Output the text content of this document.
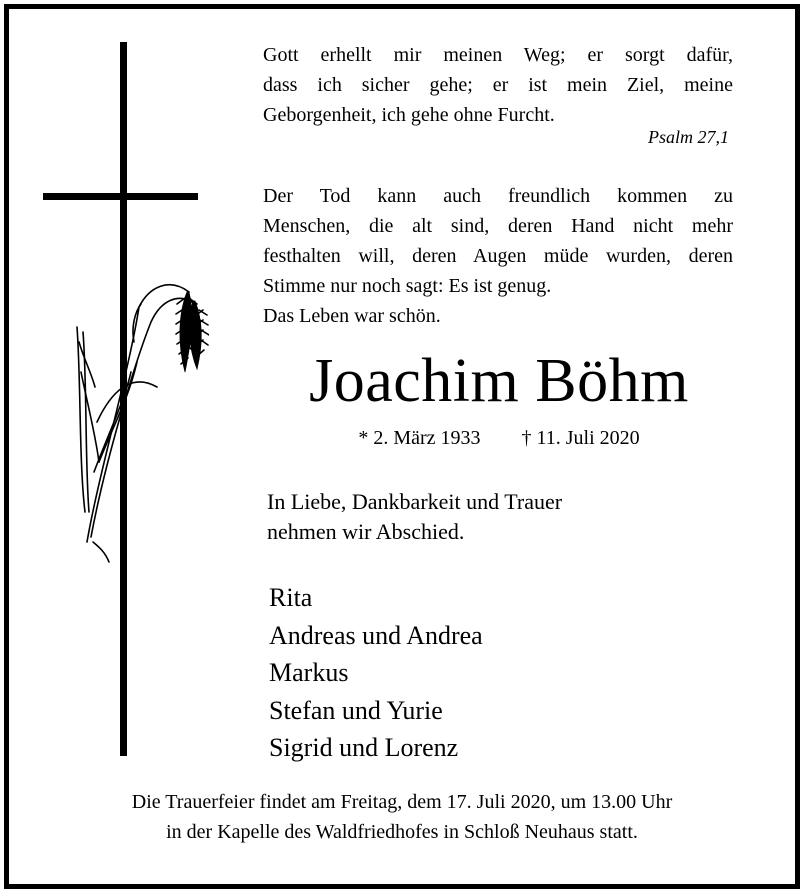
Gott erhellt mir meinen Weg; er sorgt dafür,
dass ich sicher gehe; er ist mein Ziel, meine
Geborgenheit, ich gehe ohne Furcht.
Psalm 27,1
Der Tod kann auch freundlich kommen zu
Menschen, die alt sind, deren Hand nicht mehr
festhalten will, deren Augen müde wurden, deren
Stimme nur noch sagt: Es ist genug.
Das Leben war schön.
Joachim Böhm
* 2. März 1933 † 11. Juli 2020
In Liebe, Dankbarkeit und Trauer
nehmen wir Abschied.
Rita
Andreas und Andrea
Markus
Stefan und Yurie
Sigrid und Lorenz
Die Trauerfeier findet am Freitag, dem 17. Juli 2020, um 13.00 Uhr
in der Kapelle des Waldfriedhofes in Schloß Neuhaus statt.
